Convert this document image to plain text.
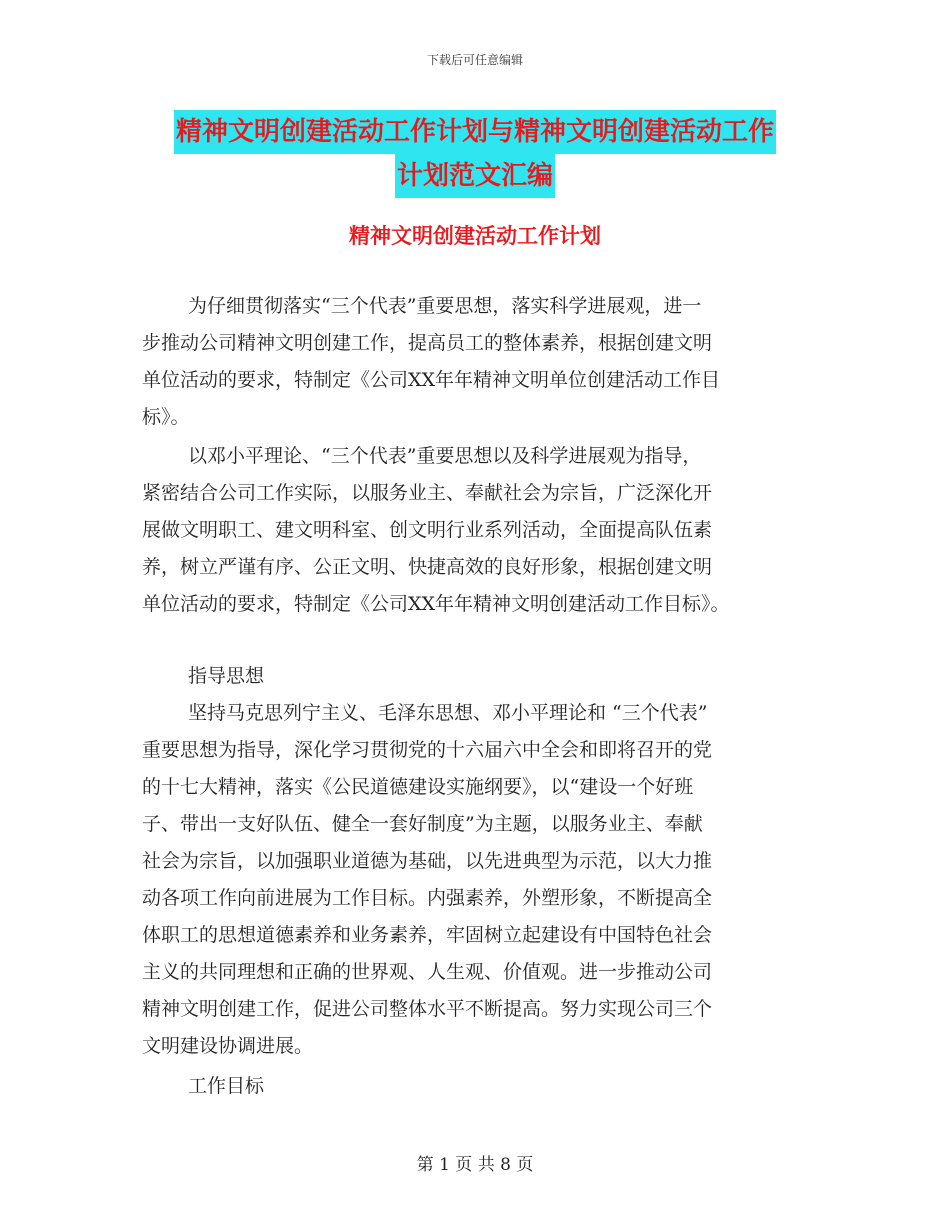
下载后可任意编辑
精神文明创建活动工作计划与精神文明创建活动工作
计划范文汇编
精神文明创建活动工作计划
为仔细贯彻落实“三个代表”重要思想，落实科学进展观，进一
步推动公司精神文明创建工作，提高员工的整体素养，根据创建文明
单位活动的要求，特制定《公司XX年年精神文明单位创建活动工作目
标》。
以邓小平理论、“三个代表”重要思想以及科学进展观为指导，
紧密结合公司工作实际，以服务业主、奉献社会为宗旨，广泛深化开
展做文明职工、建文明科室、创文明行业系列活动，全面提高队伍素
养，树立严谨有序、公正文明、快捷高效的良好形象，根据创建文明
单位活动的要求，特制定《公司XX年年精神文明创建活动工作目标》。
指导思想
坚持马克思列宁主义、毛泽东思想、邓小平理论和 “三个代表”
重要思想为指导，深化学习贯彻党的十六届六中全会和即将召开的党
的十七大精神，落实《公民道德建设实施纲要》，以“建设一个好班
子、带出一支好队伍、健全一套好制度”为主题，以服务业主、奉献
社会为宗旨，以加强职业道德为基础，以先进典型为示范，以大力推
动各项工作向前进展为工作目标。内强素养，外塑形象，不断提高全
体职工的思想道德素养和业务素养，牢固树立起建设有中国特色社会
主义的共同理想和正确的世界观、人生观、价值观。进一步推动公司
精神文明创建工作，促进公司整体水平不断提高。努力实现公司三个
文明建设协调进展。
工作目标
第 1 页 共 8 页
